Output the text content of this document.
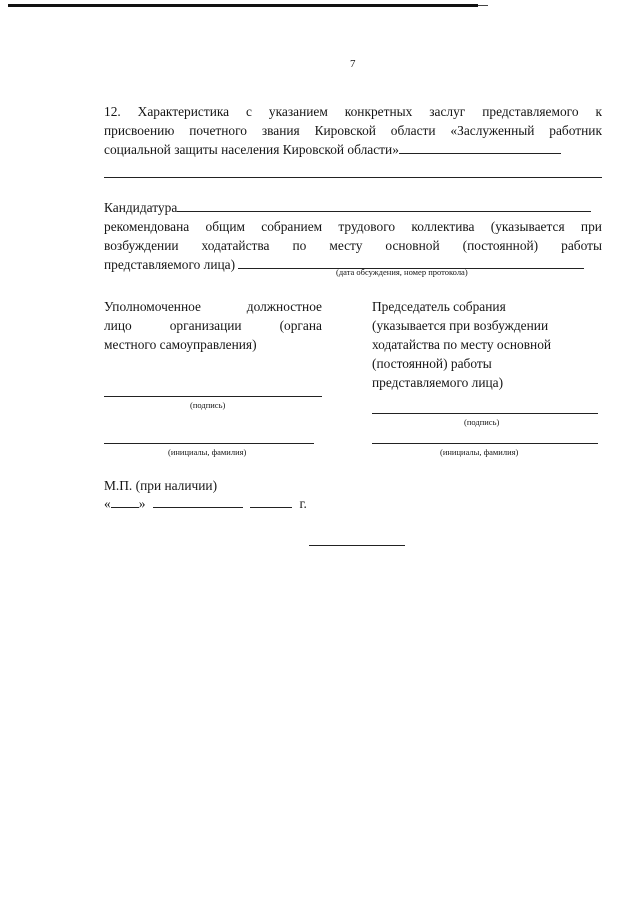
7
12. Характеристика с указанием конкретных заслуг представляемого к
присвоению почетного звания Кировской области «Заслуженный работник
социальной защиты населения Кировской области»
Кандидатура
рекомендована общим собранием трудового коллектива (указывается при
возбуждении ходатайства по месту основной (постоянной) работы
представляемого лица)	(дата обсуждения, номер протокола)
Уполномоченное	должностное
лицо	организации	(органа
местного самоуправления)
(подпись)
(инициалы, фамилия)
Председатель собрания
(указывается при возбуждении
ходатайства по месту основной
(постоянной) работы
представляемого лица)
(подпись)
(инициалы, фамилия)
М.П. (при наличии)
« »	г.
